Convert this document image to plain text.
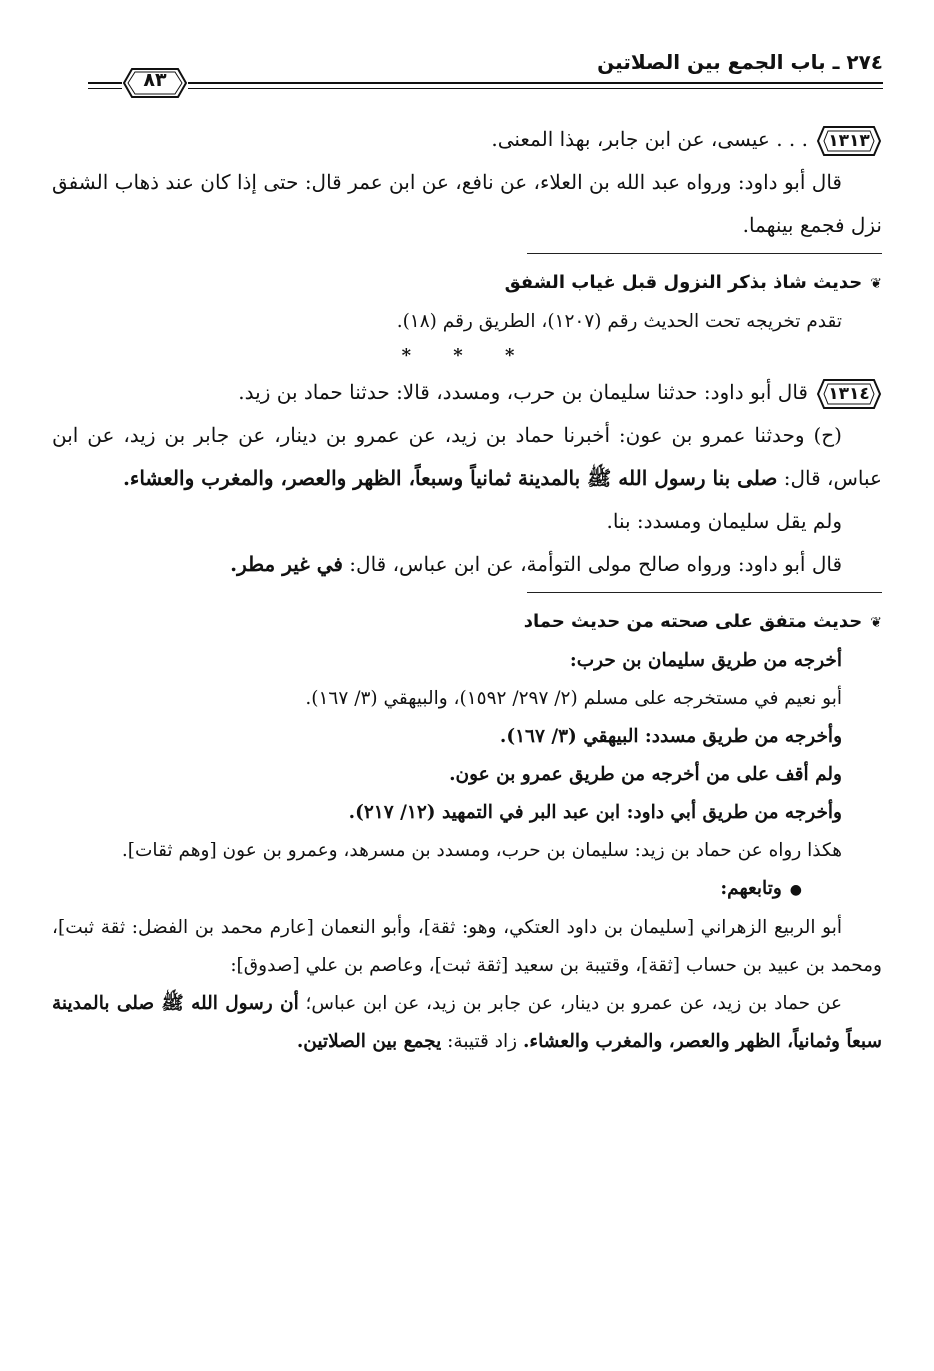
٢٧٤ ـ باب الجمع بين الصلاتين
٨٣

١٣١٣
. . . عيسى، عن ابن جابر، بهذا المعنى.

قال أبو داود: ورواه عبد الله بن العلاء، عن نافع، عن ابن عمر قال: حتى إذا كان عند ذهاب الشفق نزل فجمع بينهما.

❦حديث شاذ بذكر النزول قبل غياب الشفق

تقدم تخريجه تحت الحديث رقم (١٢٠٧)، الطريق رقم (١٨).

* * *

١٣١٤
قال أبو داود: حدثنا سليمان بن حرب، ومسدد، قالا: حدثنا حماد بن زيد.

(ح) وحدثنا عمرو بن عون: أخبرنا حماد بن زيد، عن عمرو بن دينار، عن جابر بن زيد، عن ابن عباس، قال: صلى بنا رسول الله ﷺ بالمدينة ثمانياً وسبعاً، الظهر والعصر، والمغرب والعشاء.

ولم يقل سليمان ومسدد: بنا.

قال أبو داود: ورواه صالح مولى التوأمة، عن ابن عباس، قال: في غير مطر.

❦حديث متفق على صحته من حديث حماد

أخرجه من طريق سليمان بن حرب:

أبو نعيم في مستخرجه على مسلم (٢/ ٢٩٧/ ١٥٩٢)، والبيهقي (٣/ ١٦٧).

وأخرجه من طريق مسدد: البيهقي (٣/ ١٦٧).

ولم أقف على من أخرجه من طريق عمرو بن عون.

وأخرجه من طريق أبي داود: ابن عبد البر في التمهيد (١٢/ ٢١٧).

هكذا رواه عن حماد بن زيد: سليمان بن حرب، ومسدد بن مسرهد، وعمرو بن عون [وهم ثقات].

●وتابعهم:

أبو الربيع الزهراني [سليمان بن داود العتكي، وهو: ثقة]، وأبو النعمان [عارم محمد بن الفضل: ثقة ثبت]، ومحمد بن عبيد بن حساب [ثقة]، وقتيبة بن سعيد [ثقة ثبت]، وعاصم بن علي [صدوق]:

عن حماد بن زيد، عن عمرو بن دينار، عن جابر بن زيد، عن ابن عباس؛ أن رسول الله ﷺ صلى بالمدينة سبعاً وثمانياً، الظهر والعصر، والمغرب والعشاء. زاد قتيبة: يجمع بين الصلاتين.
